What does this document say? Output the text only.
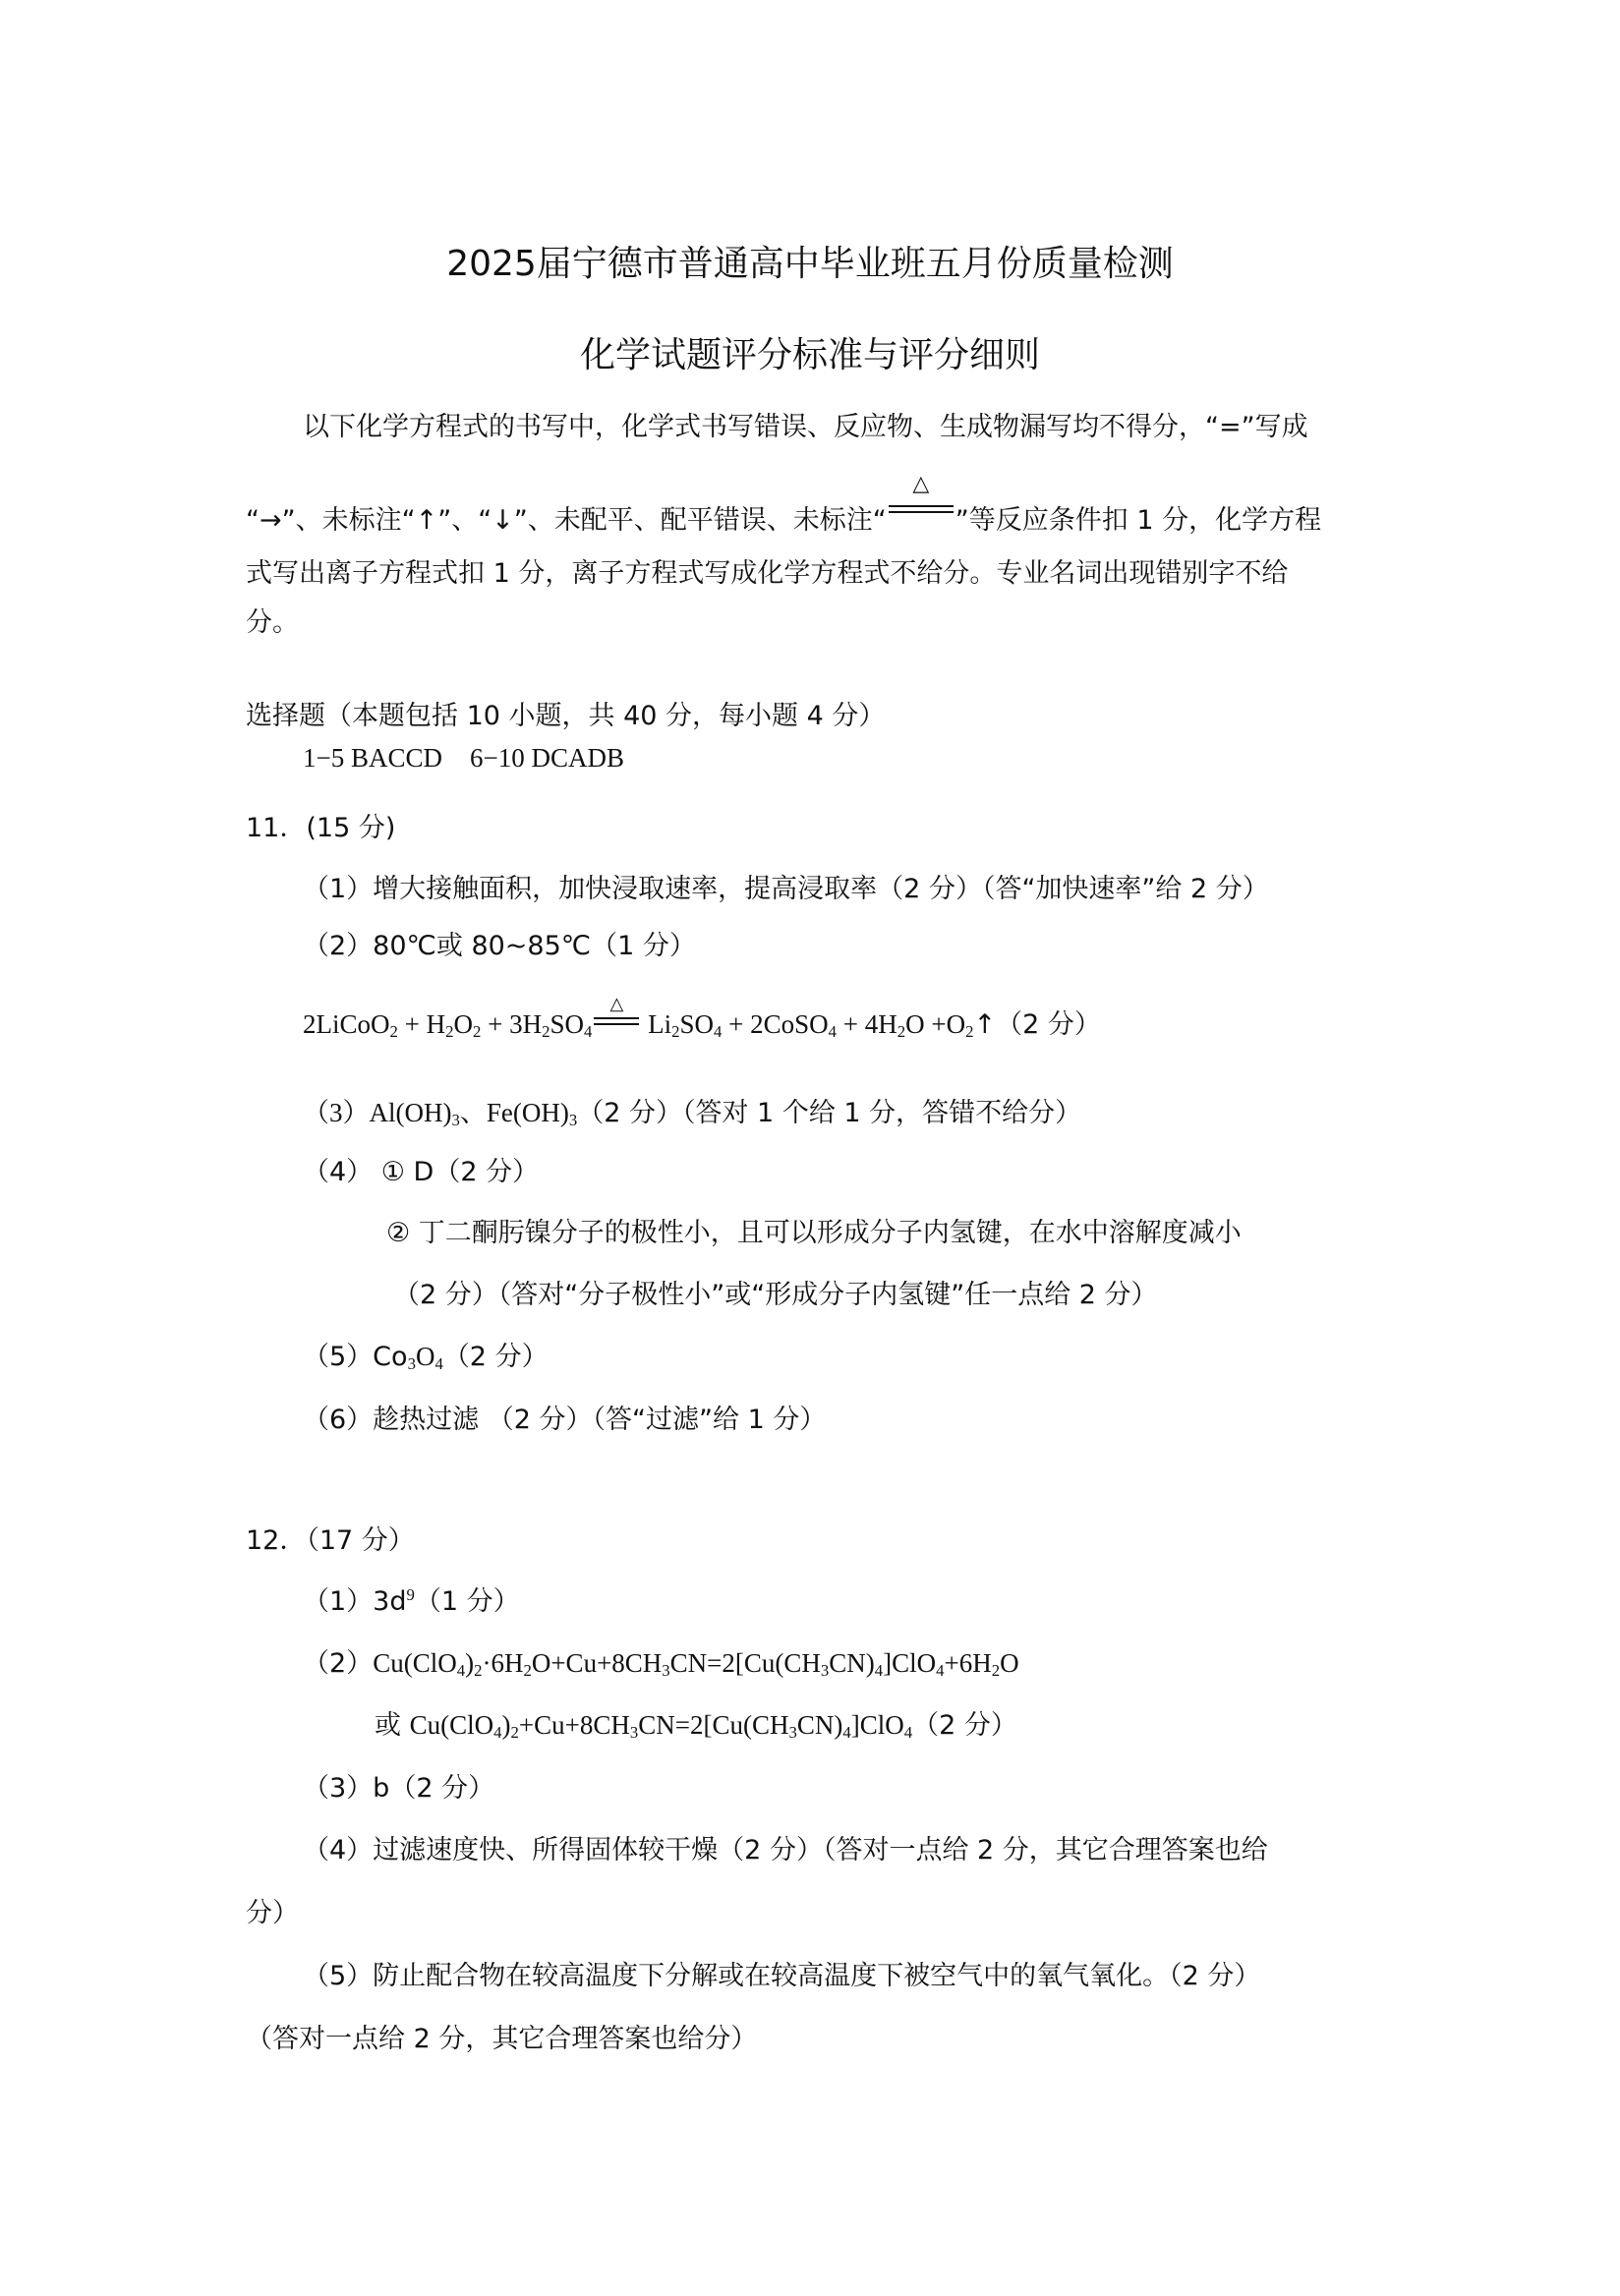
2025届宁德市普通高中毕业班五月份质量检测
化学试题评分标准与评分细则
以下化学方程式的书写中，化学式书写错误、反应物、生成物漏写均不得分，“=”写成
“→”、未标注“↑”、“↓”、未配平、配平错误、未标注“
△
”等反应条件扣 1 分，化学方程
式写出离子方程式扣 1 分，离子方程式写成化学方程式不给分。专业名词出现错别字不给
分。
选择题（本题包括 10 小题，共 40 分，每小题 4 分）
1−5 BACCD 6−10 DCADB
11．(15 分)
（1）增大接触面积，加快浸取速率，提高浸取率（2 分）（答“加快速率”给 2 分）
（2）80℃或 80~85℃（1 分）
2LiCoO$_2$ + $H_2O_2 + 3H_2SO_4$
△
$Li_2SO_4$ + 2CoSO$_4$ + $4H_2O$ $+O_2↑(2$ 分）
$(3)Al(OH)_3$、$Fe(OH)_3(2$ 分）（答对 1 个给 1 分，答错不给分）
（4） ① D（2 分）
② 丁二酮肟镍分子的极性小，且可以形成分子内氢键，在水中溶解度减小
（2 分）（答对“分子极性小”或“形成分子内氢键”任一点给 2 分）
$(5)Co_3O_4(2$ 分）
（6）趁热过滤 （2 分）（答“过滤”给 1 分）
12．（17 分）
$(1)3d^9(1$ 分）
$(2)Cu(ClO_4)_2\cdot 6H_2O+Cu+8CH_3CN=2[Cu(CH_3CN)_4]ClO_4+6H_2O$
或 $Cu(ClO_4)_2+Cu+8CH_3CN=2[Cu(CH_3CN)_4]ClO_4(2$ 分）
（3）b（2 分）
（4）过滤速度快、所得固体较干燥（2 分）（答对一点给 2 分，其它合理答案也给
分）
（5）防止配合物在较高温度下分解或在较高温度下被空气中的氧气氧化。（2 分）
（答对一点给 2 分，其它合理答案也给分）
